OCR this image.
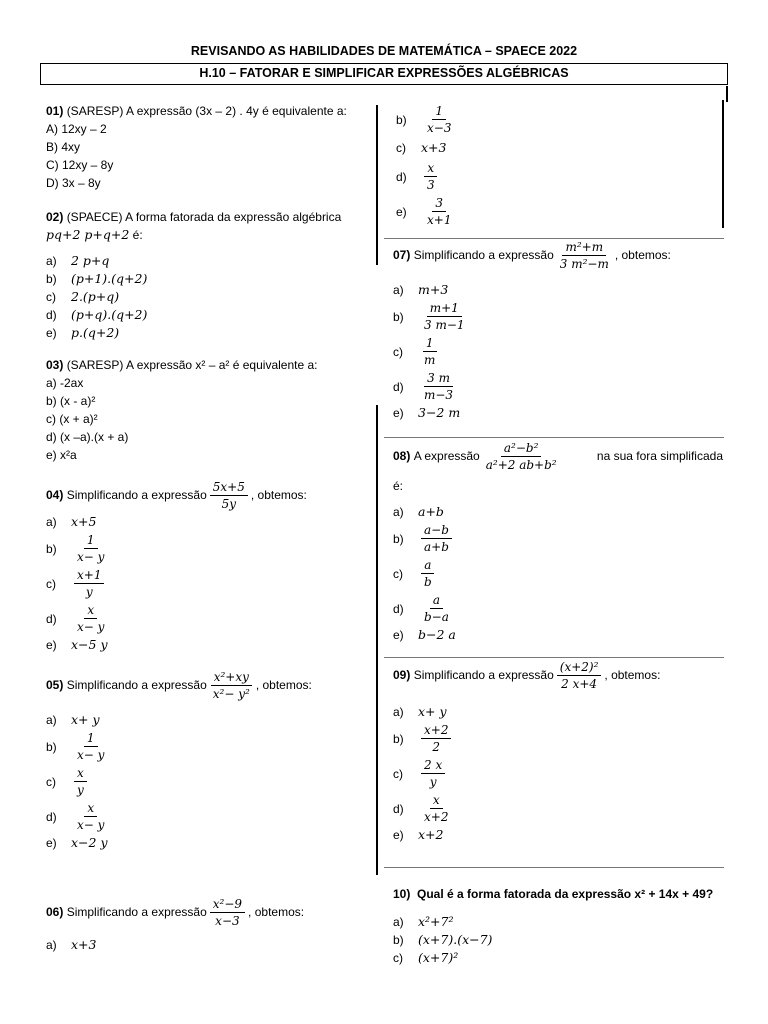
REVISANDO AS HABILIDADES DE MATEMÁTICA – SPAECE 2022
H.10 – FATORAR E SIMPLIFICAR EXPRESSÕES ALGÉBRICAS
01) (SARESP) A expressão (3x – 2) . 4y é equivalente a:
A) 12xy – 2
B) 4xy
C) 12xy – 8y
D) 3x – 8y
02) (SPAECE) A forma fatorada da expressão algébrica
pq+2 p+q+2 é:
a)	2 p+q
b)	(p+1).(q+2)
c)	2.(p+q)
d)	(p+q).(q+2)
e)	p.(q+2)
03) (SARESP) A expressão x² – a² é equivalente a:
a) -2ax
b) (x - a)²
c) (x + a)²
d) (x –a).(x + a)
e) x²a
04)
Simplificando a expressão $\frac{5x+5}{5y}$ , obtemos:
a)	x+5
b)	$\frac{1}{x- y}$
c)	$\frac{x+1}{y}$
d)	$\frac{x}{x- y}$
e)	x−5 y
05)
Simplificando a expressão $\frac{\text{x²+xy}}{\text{x²− y²}}$ , obtemos:
a)	x+ y
b)	$\frac{1}{x- y}$
c)	$\frac{x}{y}$
d)	$\frac{x}{x- y}$
e)	x−2 y
06)
Simplificando a expressão $\frac{\text{x²−9}}{x-3}$ , obtemos:
a)	x+3
b)	$\frac{1}{x-3}$
c)	x+3
d)	$\frac{x}{3}$
e)	$\frac{3}{x+1}$
07)
Simplificando a expressão $\frac{\text{m²+m}}{\text{3 m²−m}}$ , obtemos:
a)	m+3
b)	$\frac{m+1}{3 m-1}$
c)	$\frac{1}{m}$
d)	$\frac{3 m}{m-3}$
e)	3−2 m
08)
A expressão $\frac{\text{a²−b²}}{\text{a²+2 ab+b²}}$	na sua fora simplificada
é:
a)	a+b
b)	$\frac{a-b}{a+b}$
c)	$\frac{a}{b}$
d)	$\frac{a}{b-a}$
e)	b−2 a
09)
Simplificando a expressão $\frac{\text{(x+2)²}}{2 x+4}$ , obtemos:
a)	x+ y
b)	$\frac{x+2}{2}$
c)	$\frac{2 x}{y}$
d)	$\frac{x}{x+2}$
e)	x+2
10) Qual é a forma fatorada da expressão x² + 14x + 49?
a)	x²+7²
b)	(x+7).(x−7)
c)	(x+7)²
